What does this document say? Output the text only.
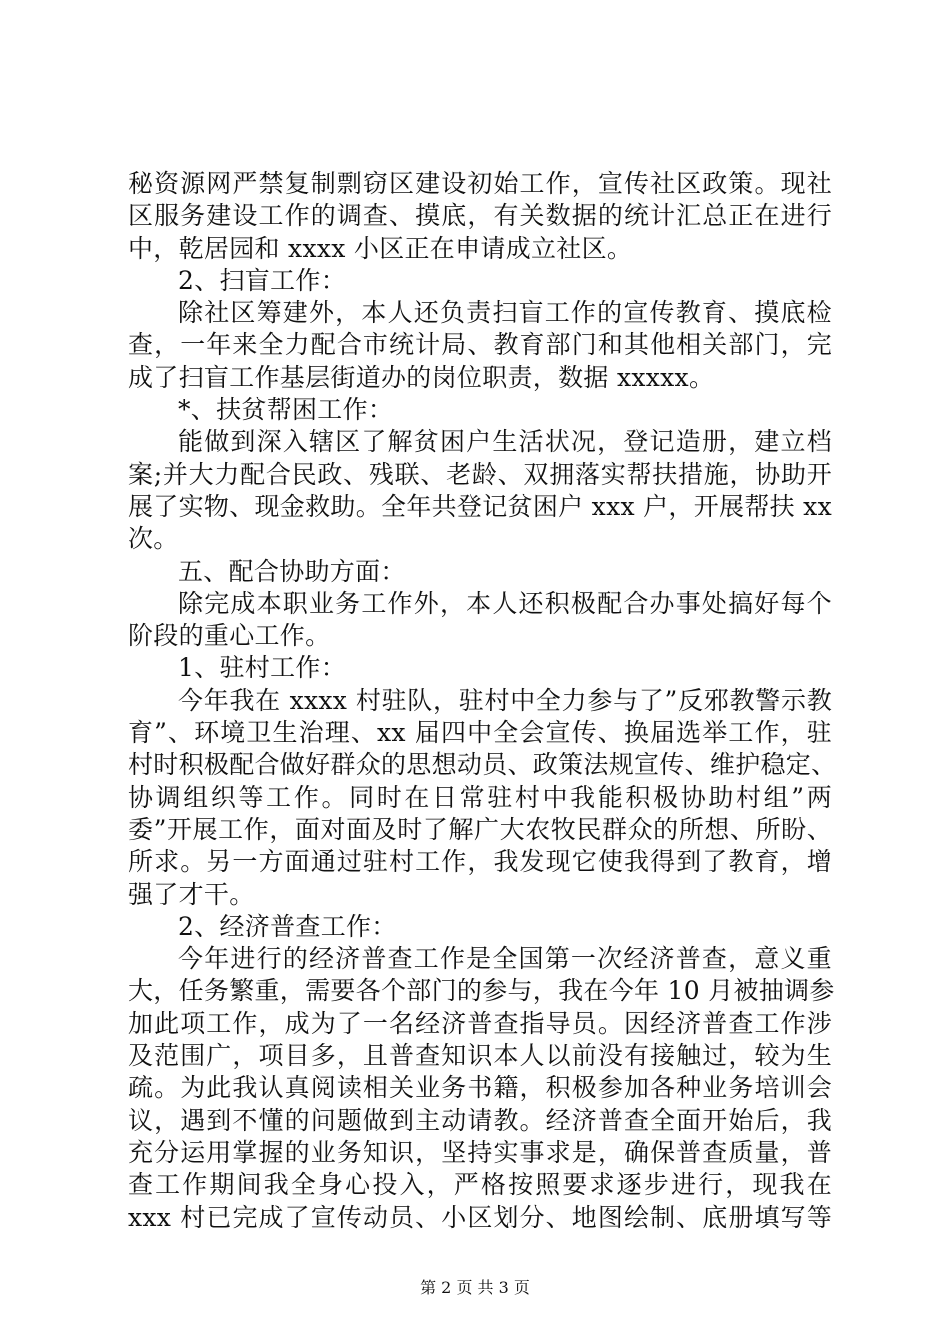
秘资源网严禁复制剽窃区建设初始工作，宣传社区政策。现社
区服务建设工作的调查、摸底，有关数据的统计汇总正在进行
中，乾居园和 xxxx 小区正在申请成立社区。
2、扫盲工作：
除社区筹建外，本人还负责扫盲工作的宣传教育、摸底检
查，一年来全力配合市统计局、教育部门和其他相关部门，完
成了扫盲工作基层街道办的岗位职责，数据 xxxxx。
*、扶贫帮困工作：
能做到深入辖区了解贫困户生活状况，登记造册，建立档
案;并大力配合民政、残联、老龄、双拥落实帮扶措施，协助开
展了实物、现金救助。全年共登记贫困户 xxx 户，开展帮扶 xx
次。
五、配合协助方面：
除完成本职业务工作外，本人还积极配合办事处搞好每个
阶段的重心工作。
1、驻村工作：
今年我在 xxxx 村驻队，驻村中全力参与了”反邪教警示教
育”、环境卫生治理、xx 届四中全会宣传、换届选举工作，驻
村时积极配合做好群众的思想动员、政策法规宣传、维护稳定、
协调组织等工作。同时在日常驻村中我能积极协助村组”两
委”开展工作，面对面及时了解广大农牧民群众的所想、所盼、
所求。另一方面通过驻村工作，我发现它使我得到了教育，增
强了才干。
2、经济普查工作：
今年进行的经济普查工作是全国第一次经济普查，意义重
大，任务繁重，需要各个部门的参与，我在今年 10 月被抽调参
加此项工作，成为了一名经济普查指导员。因经济普查工作涉
及范围广，项目多，且普查知识本人以前没有接触过，较为生
疏。为此我认真阅读相关业务书籍，积极参加各种业务培训会
议，遇到不懂的问题做到主动请教。经济普查全面开始后，我
充分运用掌握的业务知识，坚持实事求是，确保普查质量，普
查工作期间我全身心投入，严格按照要求逐步进行，现我在
xxx 村已完成了宣传动员、小区划分、地图绘制、底册填写等
第 2 页 共 3 页
